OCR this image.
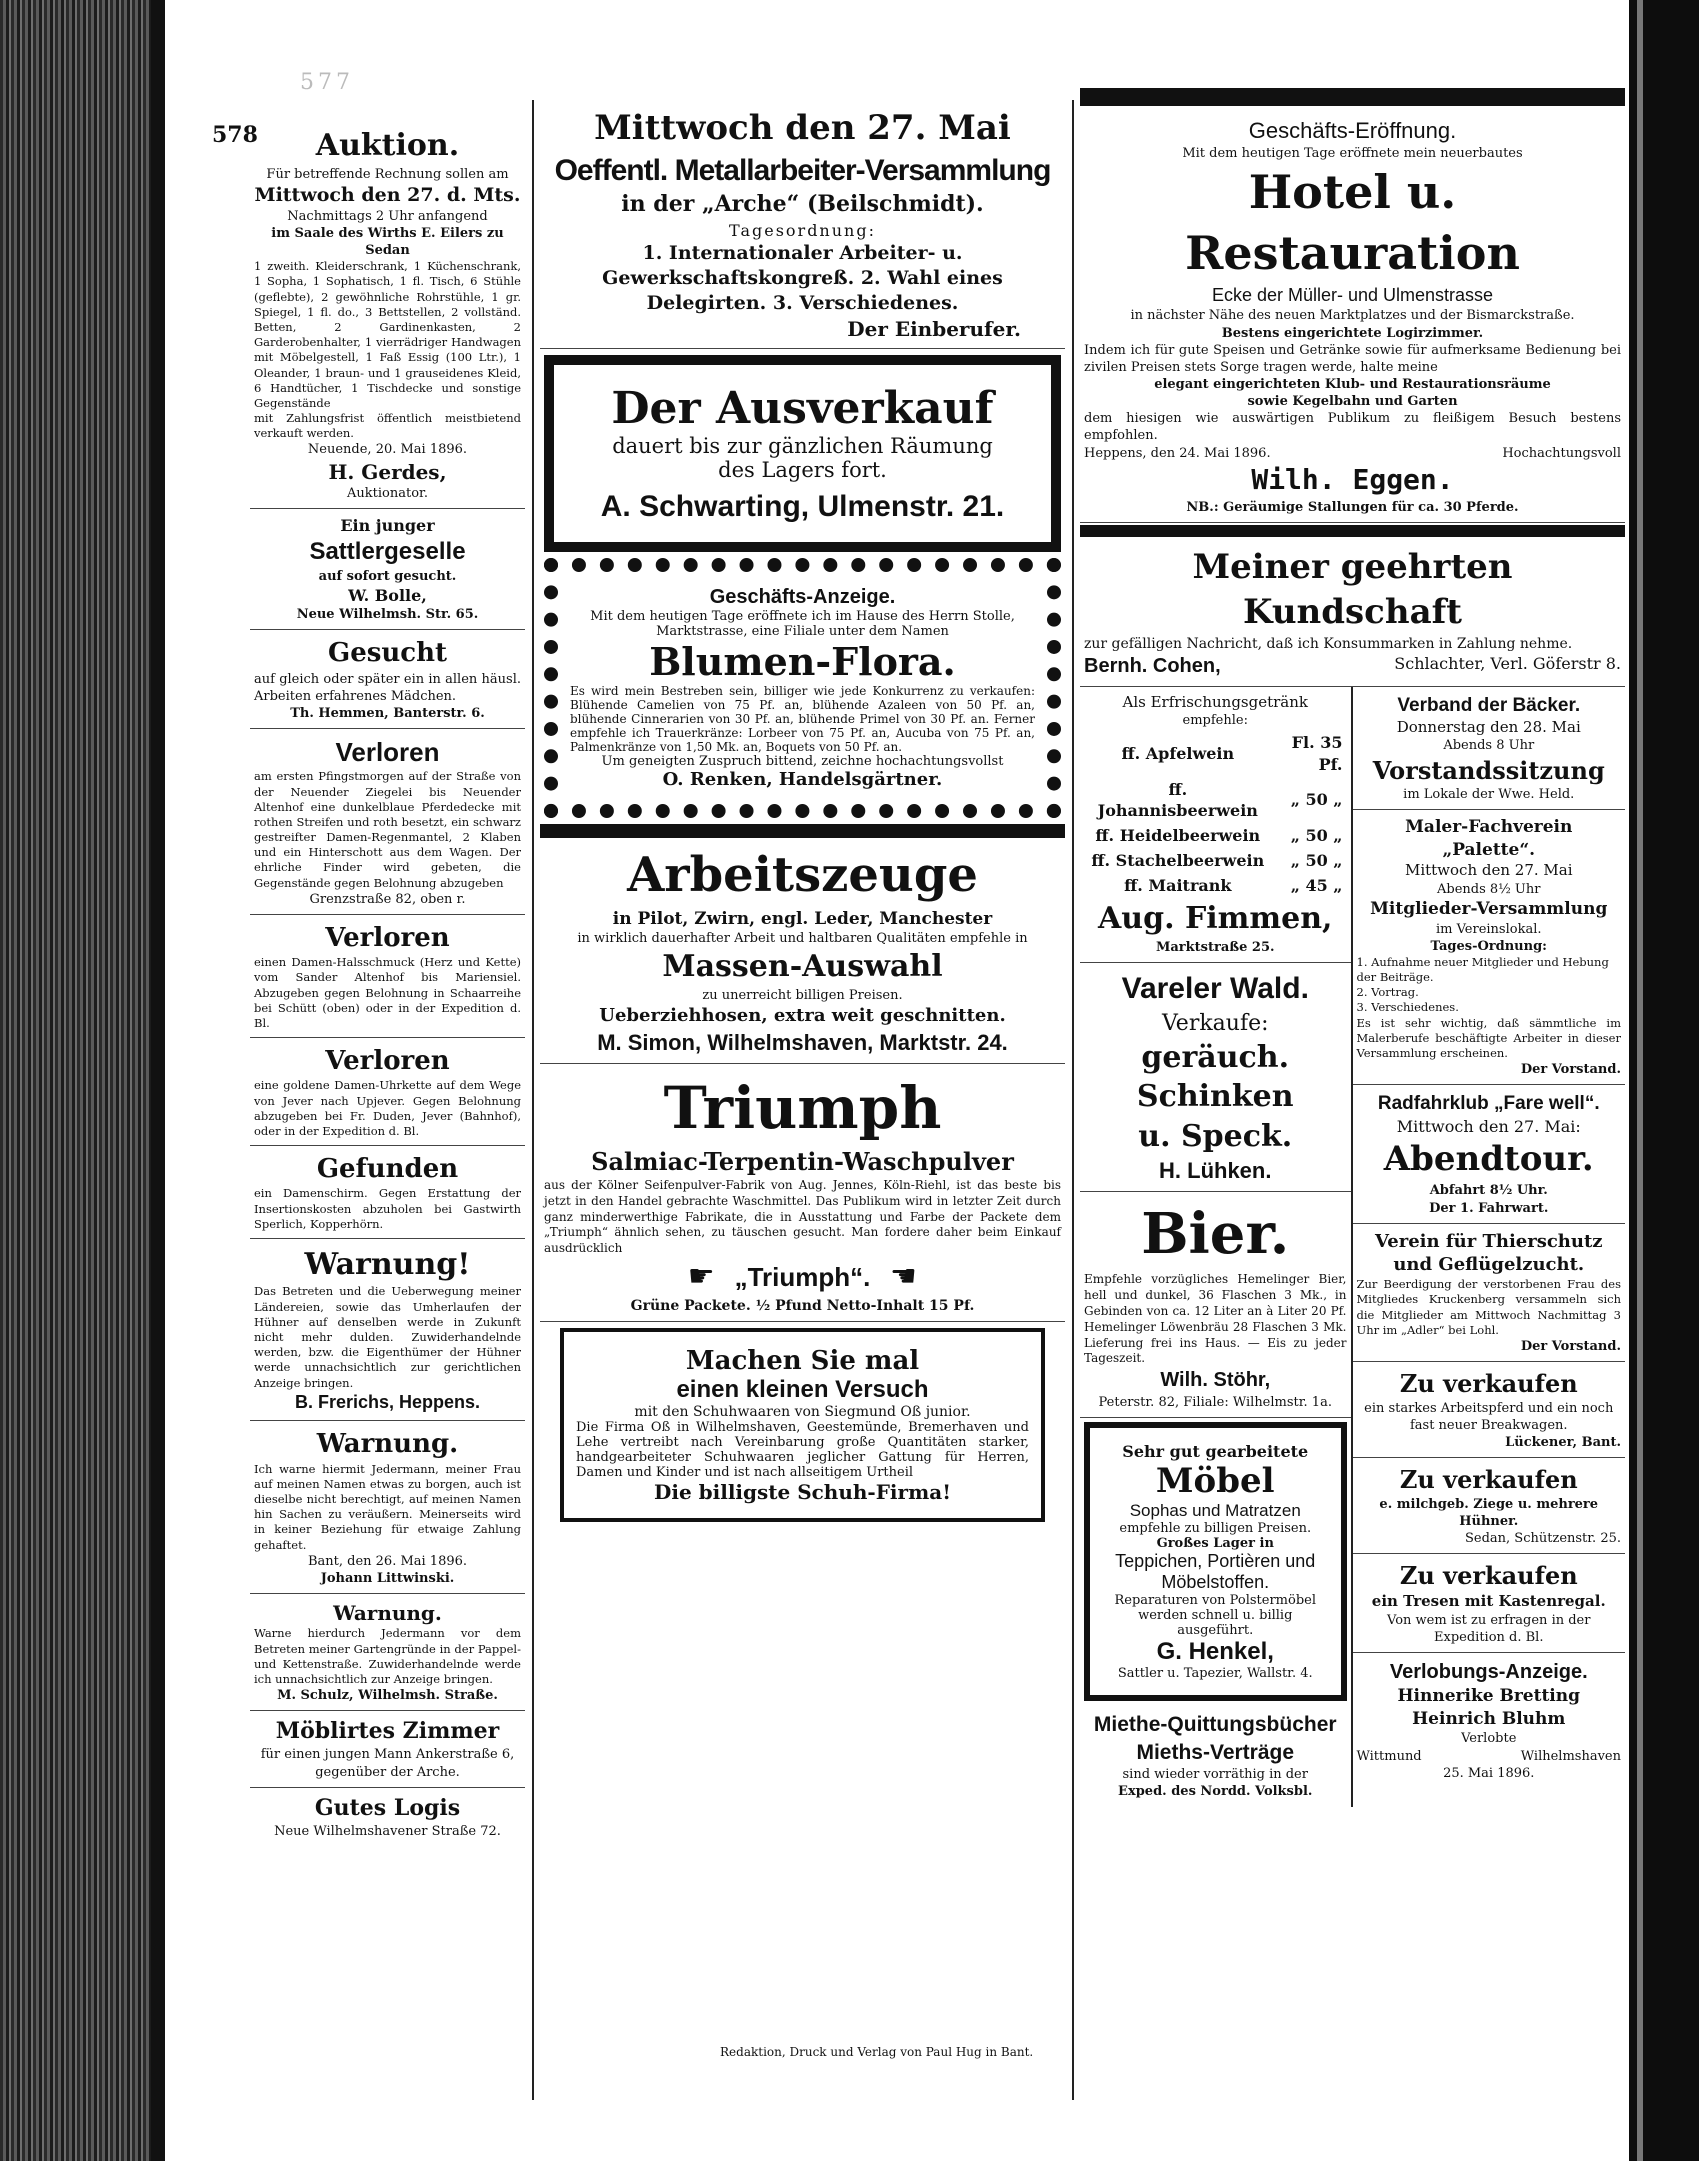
577
578	Auktion.
Für betreffende Rechnung sollen am
Mittwoch den 27. d. Mts.
Nachmittags 2 Uhr anfangend
im Saale des Wirths E. Eilers zu Sedan
1 zweith. Kleiderschrank, 1 Küchenschrank, 1 Sopha, 1 Sophatisch, 1 fl. Tisch, 6 Stühle (geflebte), 2 gewöhnliche Rohrstühle, 1 gr. Spiegel, 1 fl. do., 3 Bettstellen, 2 vollständ. Betten, 2 Gardinenkasten, 2 Garderobenhalter, 1 vierrädriger Handwagen mit Möbelgestell, 1 Faß Essig (100 Ltr.), 1 Oleander, 1 braun- und 1 grauseidenes Kleid, 6 Handtücher, 1 Tischdecke und sonstige Gegenstände
mit Zahlungsfrist öffentlich meistbietend verkauft werden.
Neuende, 20. Mai 1896.
H. Gerdes,
Auktionator.
Ein junger
Sattlergeselle
auf sofort gesucht.
W. Bolle,
Neue Wilhelmsh. Str. 65.
Gesucht
auf gleich oder später ein in allen häusl. Arbeiten erfahrenes Mädchen.
Th. Hemmen, Banterstr. 6.
Verloren
am ersten Pfingstmorgen auf der Straße von der Neuender Ziegelei bis Neuender Altenhof eine dunkelblaue Pferdedecke mit rothen Streifen und roth besetzt, ein schwarz gestreifter Damen-Regenmantel, 2 Klaben und ein Hinterschott aus dem Wagen. Der ehrliche Finder wird gebeten, die Gegenstände gegen Belohnung abzugeben
Grenzstraße 82, oben r.
Verloren
einen Damen-Halsschmuck (Herz und Kette) vom Sander Altenhof bis Mariensiel. Abzugeben gegen Belohnung in Schaarreihe bei Schütt (oben) oder in der Expedition d. Bl.
Verloren
eine goldene Damen-Uhrkette auf dem Wege von Jever nach Upjever. Gegen Belohnung abzugeben bei Fr. Duden, Jever (Bahnhof), oder in der Expedition d. Bl.
Gefunden
ein Damenschirm. Gegen Erstattung der Insertionskosten abzuholen bei Gastwirth Sperlich, Kopperhörn.
Warnung!
Das Betreten und die Ueberwegung meiner Ländereien, sowie das Umherlaufen der Hühner auf denselben werde in Zukunft nicht mehr dulden. Zuwiderhandelnde werden, bzw. die Eigenthümer der Hühner werde unnachsichtlich zur gerichtlichen Anzeige bringen.
B. Frerichs, Heppens.
Warnung.
Ich warne hiermit Jedermann, meiner Frau auf meinen Namen etwas zu borgen, auch ist dieselbe nicht berechtigt, auf meinen Namen hin Sachen zu veräußern. Meinerseits wird in keiner Beziehung für etwaige Zahlung gehaftet.
Bant, den 26. Mai 1896.
Johann Littwinski.
Warnung.
Warne hierdurch Jedermann vor dem Betreten meiner Gartengründe in der Pappel- und Kettenstraße. Zuwiderhandelnde werde ich unnachsichtlich zur Anzeige bringen.
M. Schulz, Wilhelmsh. Straße.
Möblirtes Zimmer
für einen jungen Mann Ankerstraße 6, gegenüber der Arche.
Gutes Logis
Neue Wilhelmshavener Straße 72.
Mittwoch den 27. Mai
Oeffentl. Metallarbeiter-Versammlung
in der „Arche“ (Beilschmidt).
Tagesordnung:
1. Internationaler Arbeiter- u. Gewerkschaftskongreß. 2. Wahl eines Delegirten. 3. Verschiedenes.
Der Einberufer.
Der Ausverkauf
dauert bis zur gänzlichen Räumung
des Lagers fort.
A. Schwarting, Ulmenstr. 21.
Geschäfts-Anzeige.
Mit dem heutigen Tage eröffnete ich im Hause des Herrn Stolle, Marktstrasse, eine Filiale unter dem Namen
Blumen-Flora.
Es wird mein Bestreben sein, billiger wie jede Konkurrenz zu verkaufen: Blühende Camelien von 75 Pf. an, blühende Azaleen von 50 Pf. an, blühende Cinnerarien von 30 Pf. an, blühende Primel von 30 Pf. an. Ferner empfehle ich Trauerkränze: Lorbeer von 75 Pf. an, Aucuba von 75 Pf. an, Palmenkränze von 1,50 Mk. an, Boquets von 50 Pf. an.
Um geneigten Zuspruch bittend, zeichne hochachtungsvollst
O. Renken, Handelsgärtner.
Arbeitszeuge
in Pilot, Zwirn, engl. Leder, Manchester
in wirklich dauerhafter Arbeit und haltbaren Qualitäten empfehle in
Massen-Auswahl
zu unerreicht billigen Preisen.
Ueberziehhosen, extra weit geschnitten.
M. Simon, Wilhelmshaven, Marktstr. 24.
Triumph
Salmiac-Terpentin-Waschpulver
aus der Kölner Seifenpulver-Fabrik von Aug. Jennes, Köln-Riehl, ist das beste bis jetzt in den Handel gebrachte Waschmittel. Das Publikum wird in letzter Zeit durch ganz minderwerthige Fabrikate, die in Ausstattung und Farbe der Packete dem „Triumph“ ähnlich sehen, zu täuschen gesucht. Man fordere daher beim Einkauf ausdrücklich
☛ „Triumph“. ☛
Grüne Packete. ½ Pfund Netto-Inhalt 15 Pf.
Machen Sie mal
einen kleinen Versuch
mit den Schuhwaaren von Siegmund Oß junior.
Die Firma Oß in Wilhelmshaven, Geestemünde, Bremerhaven und Lehe vertreibt nach Vereinbarung große Quantitäten starker, handgearbeiteter Schuhwaaren jeglicher Gattung für Herren, Damen und Kinder und ist nach allseitigem Urtheil
Die billigste Schuh-Firma!
Geschäfts-Eröffnung.
Mit dem heutigen Tage eröffnete mein neuerbautes
Hotel u. Restauration
Ecke der Müller- und Ulmenstrasse
in nächster Nähe des neuen Marktplatzes und der Bismarckstraße.
Bestens eingerichtete Logirzimmer.
Indem ich für gute Speisen und Getränke sowie für aufmerksame Bedienung bei zivilen Preisen stets Sorge tragen werde, halte meine
elegant eingerichteten Klub- und Restaurationsräume
sowie Kegelbahn und Garten
dem hiesigen wie auswärtigen Publikum zu fleißigem Besuch bestens empfohlen.
Heppens, den 24. Mai 1896.	Hochachtungsvoll
Wilh. Eggen.
NB.: Geräumige Stallungen für ca. 30 Pferde.
Meiner geehrten Kundschaft
zur gefälligen Nachricht, daß ich Konsummarken in Zahlung nehme.
Bernh. Cohen,	Schlachter, Verl. Göferstr 8.
Als Erfrischungsgetränk
empfehle:
ff. Apfelwein	Fl. 35 Pf.
ff. Johannisbeerwein	„ 50 „
ff. Heidelbeerwein	„ 50 „
ff. Stachelbeerwein	„ 50 „
ff. Maitrank	„ 45 „
Aug. Fimmen,
Marktstraße 25.
Vareler Wald.
Verkaufe:
geräuch. Schinken
u. Speck.
H. Lühken.
Bier.
Empfehle vorzügliches Hemelinger Bier, hell und dunkel, 36 Flaschen 3 Mk., in Gebinden von ca. 12 Liter an à Liter 20 Pf. Hemelinger Löwenbräu 28 Flaschen 3 Mk. Lieferung frei ins Haus. — Eis zu jeder Tageszeit.
Wilh. Stöhr,
Peterstr. 82, Filiale: Wilhelmstr. 1a.
Sehr gut gearbeitete
Möbel
Sophas und Matratzen
empfehle zu billigen Preisen.
Großes Lager in
Teppichen, Portièren und Möbelstoffen.
Reparaturen von Polstermöbel werden schnell u. billig ausgeführt.
G. Henkel,
Sattler u. Tapezier, Wallstr. 4.
Miethe-Quittungsbücher Mieths-Verträge
sind wieder vorräthig in der
Exped. des Nordd. Volksbl.
Verband der Bäcker.
Donnerstag den 28. Mai
Abends 8 Uhr
Vorstandssitzung
im Lokale der Wwe. Held.
Maler-Fachverein „Palette“.
Mittwoch den 27. Mai
Abends 8½ Uhr
Mitglieder-Versammlung
im Vereinslokal.
Tages-Ordnung:
1. Aufnahme neuer Mitglieder und Hebung der Beiträge.
2. Vortrag.
3. Verschiedenes.
Es ist sehr wichtig, daß sämmtliche im Malerberufe beschäftigte Arbeiter in dieser Versammlung erscheinen.
Der Vorstand.
Radfahrklub „Fare well“.
Mittwoch den 27. Mai:
Abendtour.
Abfahrt 8½ Uhr.
Der 1. Fahrwart.
Verein für Thierschutz und Geflügelzucht.
Zur Beerdigung der verstorbenen Frau des Mitgliedes Kruckenberg versammeln sich die Mitglieder am Mittwoch Nachmittag 3 Uhr im „Adler“ bei Lohl.
Der Vorstand.
Zu verkaufen
ein starkes Arbeitspferd und ein noch fast neuer Breakwagen.
Lückener, Bant.
Zu verkaufen
e. milchgeb. Ziege u. mehrere Hühner.
Sedan, Schützenstr. 25.
Zu verkaufen
ein Tresen mit Kastenregal.
Von wem ist zu erfragen in der Expedition d. Bl.
Verlobungs-Anzeige.
Hinnerike Bretting
Heinrich Bluhm
Verlobte
Wittmund	Wilhelmshaven
25. Mai 1896.
Redaktion, Druck und Verlag von Paul Hug in Bant.
